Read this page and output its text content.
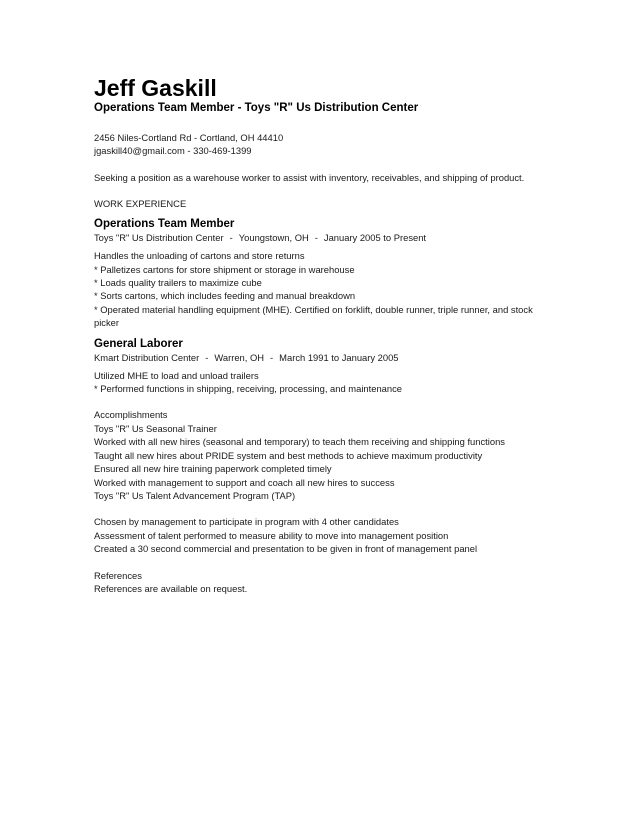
Jeff Gaskill

Operations Team Member - Toys "R" Us Distribution Center

2456 Niles-Cortland Rd - Cortland, OH 44410

jgaskill40@gmail.com - 330-469-1399

Seeking a position as a warehouse worker to assist with inventory, receivables, and shipping of product.

WORK EXPERIENCE

Operations Team Member

Toys "R" Us Distribution Center - Youngstown, OH - January 2005 to Present

Handles the unloading of cartons and store returns

* Palletizes cartons for store shipment or storage in warehouse

* Loads quality trailers to maximize cube

* Sorts cartons, which includes feeding and manual breakdown

* Operated material handling equipment (MHE). Certified on forklift, double runner, triple runner, and stock

picker

General Laborer

Kmart Distribution Center - Warren, OH - March 1991 to January 2005

Utilized MHE to load and unload trailers

* Performed functions in shipping, receiving, processing, and maintenance

Accomplishments

Toys "R" Us Seasonal Trainer

Worked with all new hires (seasonal and temporary) to teach them receiving and shipping functions

Taught all new hires about PRIDE system and best methods to achieve maximum productivity

Ensured all new hire training paperwork completed timely

Worked with management to support and coach all new hires to success

Toys "R" Us Talent Advancement Program (TAP)

Chosen by management to participate in program with 4 other candidates

Assessment of talent performed to measure ability to move into management position

Created a 30 second commercial and presentation to be given in front of management panel

References

References are available on request.
